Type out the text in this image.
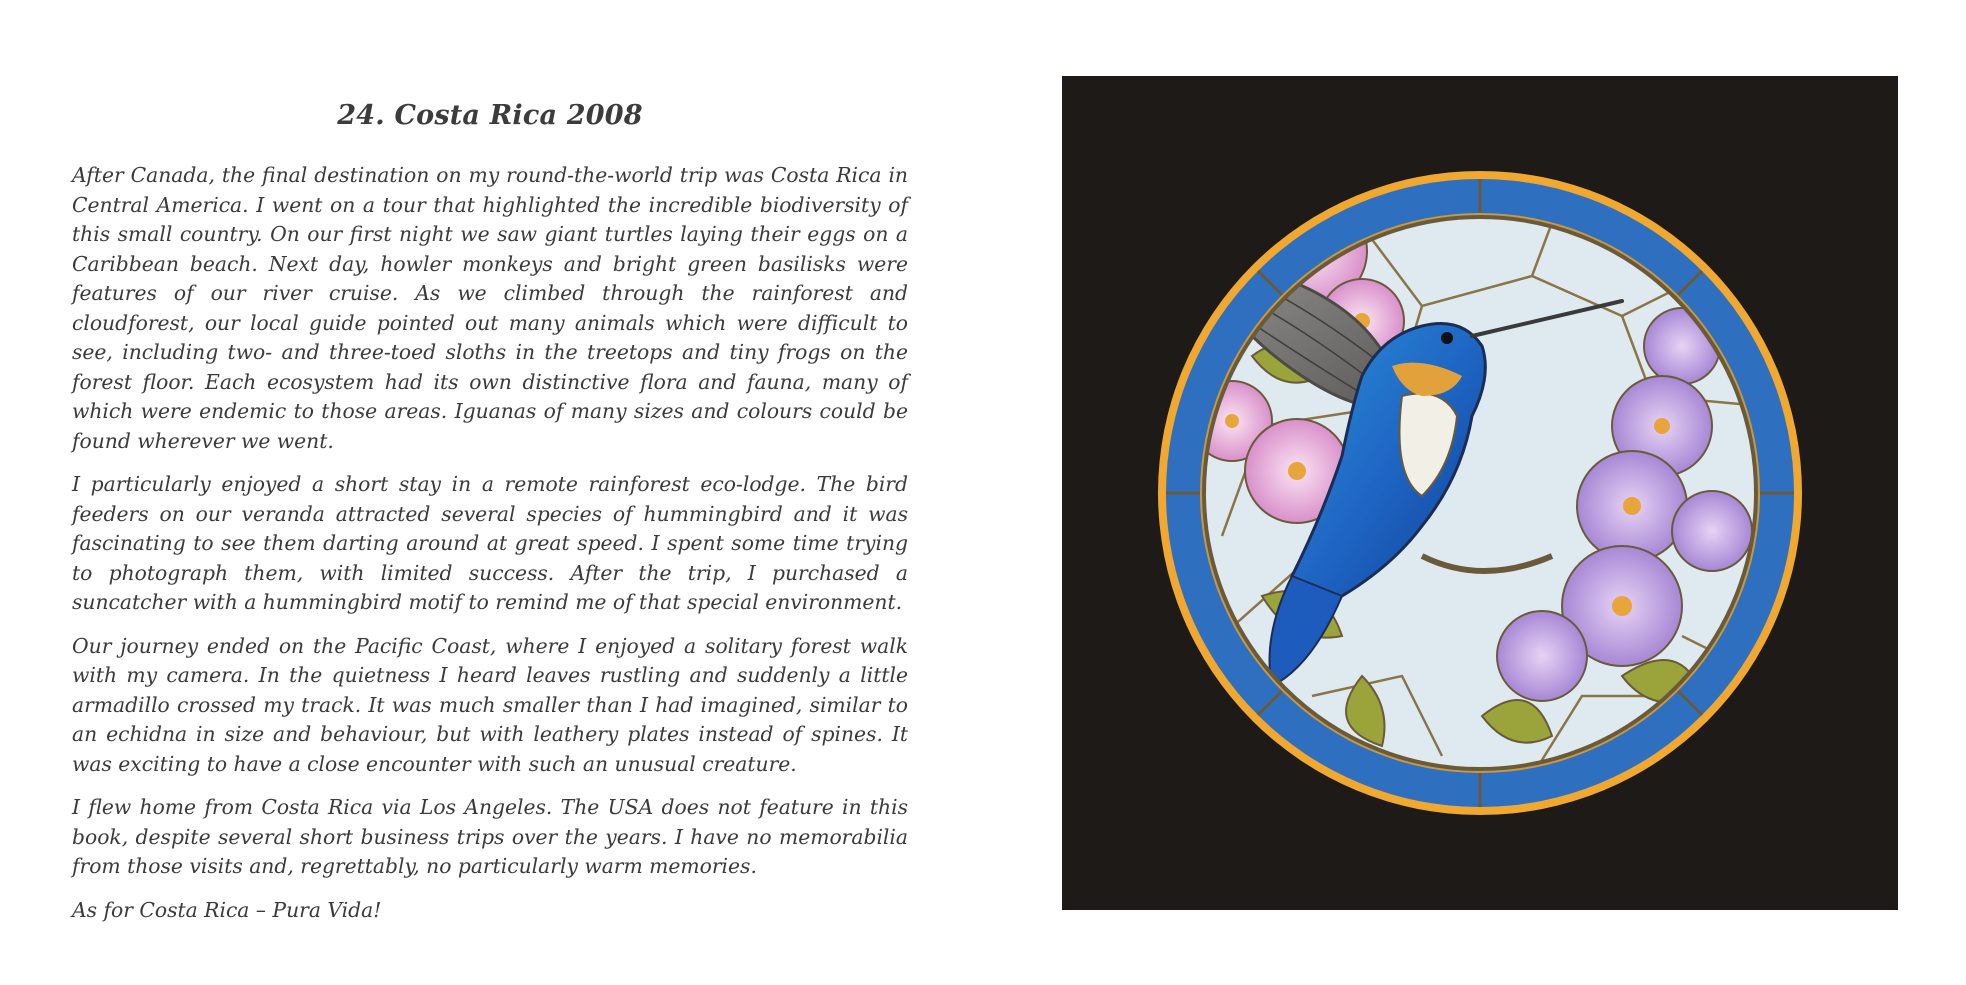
24. Costa Rica 2008

After Canada, the final destination on my round-the-world trip was Costa Rica in Central America. I went on a tour that highlighted the incredible biodiversity of this small country. On our first night we saw giant turtles laying their eggs on a Caribbean beach. Next day, howler monkeys and bright green basilisks were features of our river cruise. As we climbed through the rainforest and cloudforest, our local guide pointed out many animals which were difficult to see, including two- and three-toed sloths in the treetops and tiny frogs on the forest floor. Each ecosystem had its own distinctive flora and fauna, many of which were endemic to those areas. Iguanas of many sizes and colours could be found wherever we went.

I particularly enjoyed a short stay in a remote rainforest eco-lodge. The bird feeders on our veranda attracted several species of hummingbird and it was fascinating to see them darting around at great speed. I spent some time trying to photograph them, with limited success. After the trip, I purchased a suncatcher with a hummingbird motif to remind me of that special environment.

Our journey ended on the Pacific Coast, where I enjoyed a solitary forest walk with my camera. In the quietness I heard leaves rustling and suddenly a little armadillo crossed my track. It was much smaller than I had imagined, similar to an echidna in size and behaviour, but with leathery plates instead of spines. It was exciting to have a close encounter with such an unusual creature.

I flew home from Costa Rica via Los Angeles. The USA does not feature in this book, despite several short business trips over the years. I have no memorabilia from those visits and, regrettably, no particularly warm memories.

As for Costa Rica – Pura Vida!
